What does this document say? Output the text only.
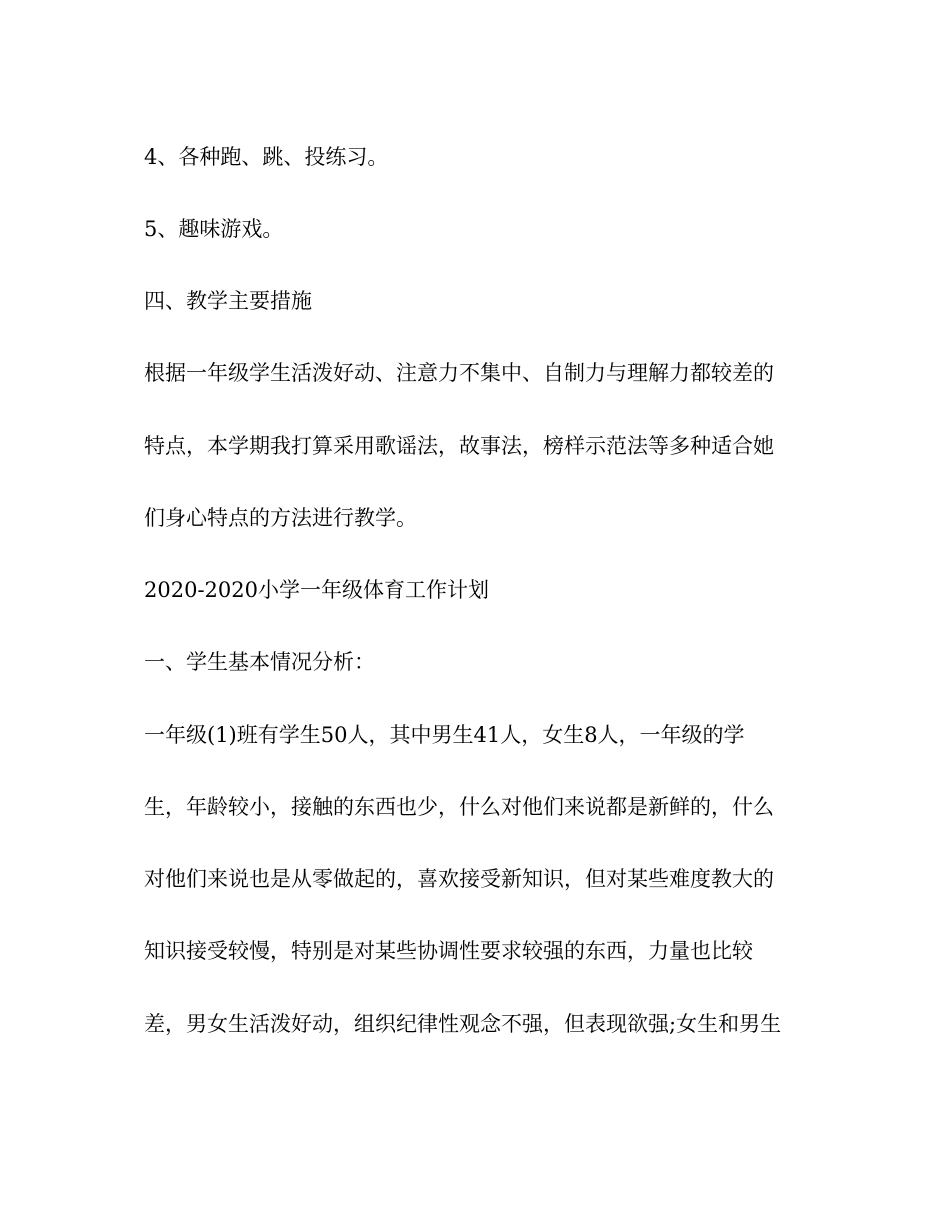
4、各种跑、跳、投练习。

5、趣味游戏。

四、教学主要措施

根据一年级学生活泼好动、注意力不集中、自制力与理解力都较差的

特点，本学期我打算采用歌谣法，故事法，榜样示范法等多种适合她

们身心特点的方法进行教学。

2020-2020小学一年级体育工作计划

一、学生基本情况分析：

一年级(1)班有学生50人，其中男生41人，女生8人，一年级的学

生，年龄较小，接触的东西也少，什么对他们来说都是新鲜的，什么

对他们来说也是从零做起的，喜欢接受新知识，但对某些难度教大的

知识接受较慢，特别是对某些协调性要求较强的东西，力量也比较

差，男女生活泼好动，组织纪律性观念不强，但表现欲强;女生和男生
